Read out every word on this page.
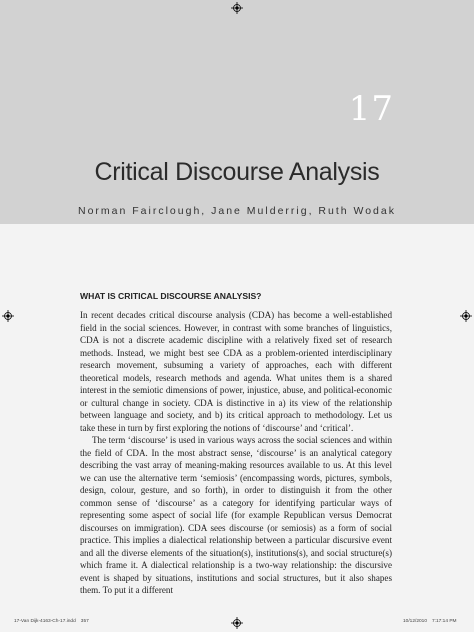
17
Critical Discourse Analysis
Norman Fairclough, Jane Mulderrig, Ruth Wodak
WHAT IS CRITICAL DISCOURSE ANALYSIS?

In recent decades critical discourse analysis (CDA) has become a well-established field in the social sciences. However, in contrast with some branches of linguistics, CDA is not a discrete academic discipline with a relatively fixed set of research methods. Instead, we might best see CDA as a problem-oriented interdisciplinary research movement, subsuming a variety of approaches, each with different theoretical models, research methods and agenda. What unites them is a shared interest in the semiotic dimensions of power, injustice, abuse, and political-economic or cultural change in society. CDA is distinctive in a) its view of the relationship between language and society, and b) its critical approach to methodology. Let us take these in turn by first exploring the notions of ‘discourse’ and ‘critical’.

The term ‘discourse’ is used in various ways across the social sciences and within the field of CDA. In the most abstract sense, ‘discourse’ is an analytical category describing the vast array of meaning-making resources available to us. At this level we can use the alternative term ‘semiosis’ (encompassing words, pictures, symbols, design, colour, gesture, and so forth), in order to distinguish it from the other common sense of ‘discourse’ as a category for identifying particular ways of representing some aspect of social life (for example Republican versus Democrat discourses on immigration). CDA sees discourse (or semiosis) as a form of social practice. This implies a dialectical relationship between a particular discursive event and all the diverse elements of the situation(s), institutions(s), and social structure(s) which frame it. A dialectical relationship is a two-way relationship: the discursive event is shaped by situations, institutions and social structures, but it also shapes them. To put it a different

17-Van Dijk-4163-Ch-17.indd 357	10/12/2010 7:17:14 PM
